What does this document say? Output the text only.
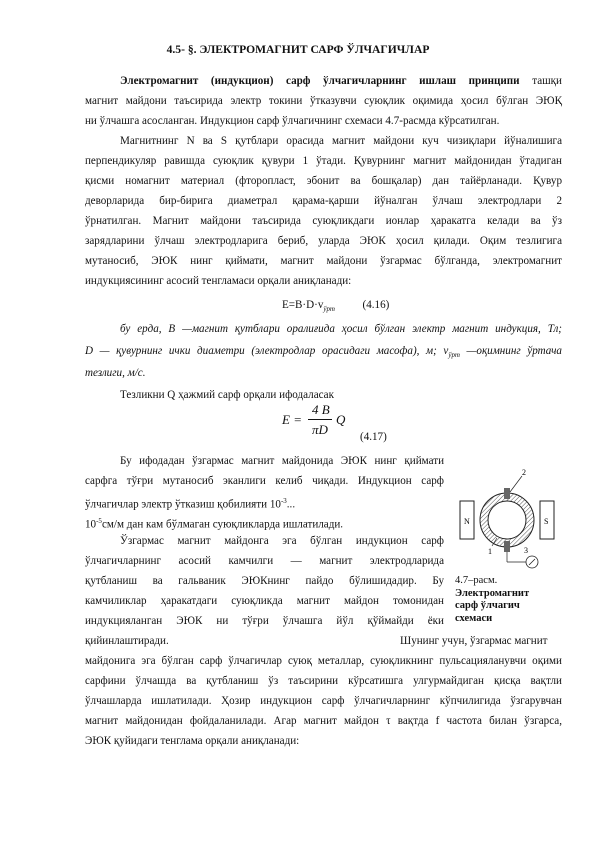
4.5- §. ЭЛЕКТРОМАГНИТ САРФ ЎЛЧАГИЧЛАР
Электромагнит (индукцион) сарф ўлчагичларнинг ишлаш принципи ташқи
магнит майдони таъсирида электр токини ўтказувчи суюқлик оқимида ҳосил бўлган ЭЮҚ
ни ўлчашга асосланган. Индукцион сарф ўлчагичнинг схемаси 4.7-расмда кўрсатилган.
Магнитнинг N ва S қутблари орасида магнит майдони куч чизиқлари йўналишига
перпендикуляр равишда суюқлик қувури 1 ўтади. Қувурнинг магнит майдонидан ўтадиган
қисми номагнит материал (фторопласт, эбонит ва бошқалар) дан тайёрланади. Қувур
деворларида бир-бирига диаметрал қарама-қарши йўналган ўлчаш электродлари 2
ўрнатилган. Магнит майдони таъсирида суюқликдаги ионлар ҳаракатга келади ва ўз
зарядларини ўлчаш электродларига бериб, уларда ЭЮК ҳосил қилади. Оқим тезлигига
мутаносиб, ЭЮК нинг қиймати, магнит майдони ўзгармас бўлганда, электромагнит
индукциясининг асосий тенгламаси орқали аниқланади:
$E=B\cdot D\cdot v_{ўрт}$ (4.16)
бу ерда, B —магнит қутблари оралиғида ҳосил бўлган электр магнит индукция, Тл;
D — қувурнинг ички диаметри (электродлар орасидаги масофа), м; $v_{ўрт}$ —оқимнинг ўртача
тезлиги, м/с.
Тезликни Q ҳажмий сарф орқали ифодаласак
E =
4 B
πD
Q
(4.17)
Бу ифодадан ўзгармас магнит майдонида ЭЮК нинг қиймати
сарфга тўғри мутаносиб эканлиги келиб чиқади. Индукцион сарф
ўлчагичлар электр ўтказиш қобилияти $10^{-3}$...
$10^{-5}см/м$ дан кам бўлмаган суюқликларда ишлатилади.
Ўзгармас магнит майдонга эга бўлган индукцион сарф
ўлчагичларнинг асосий камчилги — магнит электродларида
қутбланиш ва гальваник ЭЮКнинг пайдо бўлишидадир. Бу
камчиликлар ҳаракатдаги суюқликда магнит майдон томонидан
индукцияланган ЭЮК ни тўғри ўлчашга йўл қўймайди ёки
қийинлаштиради.	Шунинг учун, ўзгармас магнит
майдонига эга бўлган сарф ўлчагичлар суюқ металлар, суюқликнинг пульсацияланувчи оқими
сарфини ўлчашда ва қутбланиш ўз таъсирини кўрсатишга улгурмайдиган қисқа вақтли
ўлчашларда ишлатилади. Ҳозир индукцион сарф ўлчагичларнинг кўпчилигида ўзгарувчан
магнит майдонидан фойдаланилади. Агар магнит майдон τ вақтда f частота билан ўзгарса,
ЭЮК қуйидаги тенглама орқали аниқланади:
N	S
1
2
3
4.7–расм.
Электромагнит
сарф ўлчагич
схемаси
